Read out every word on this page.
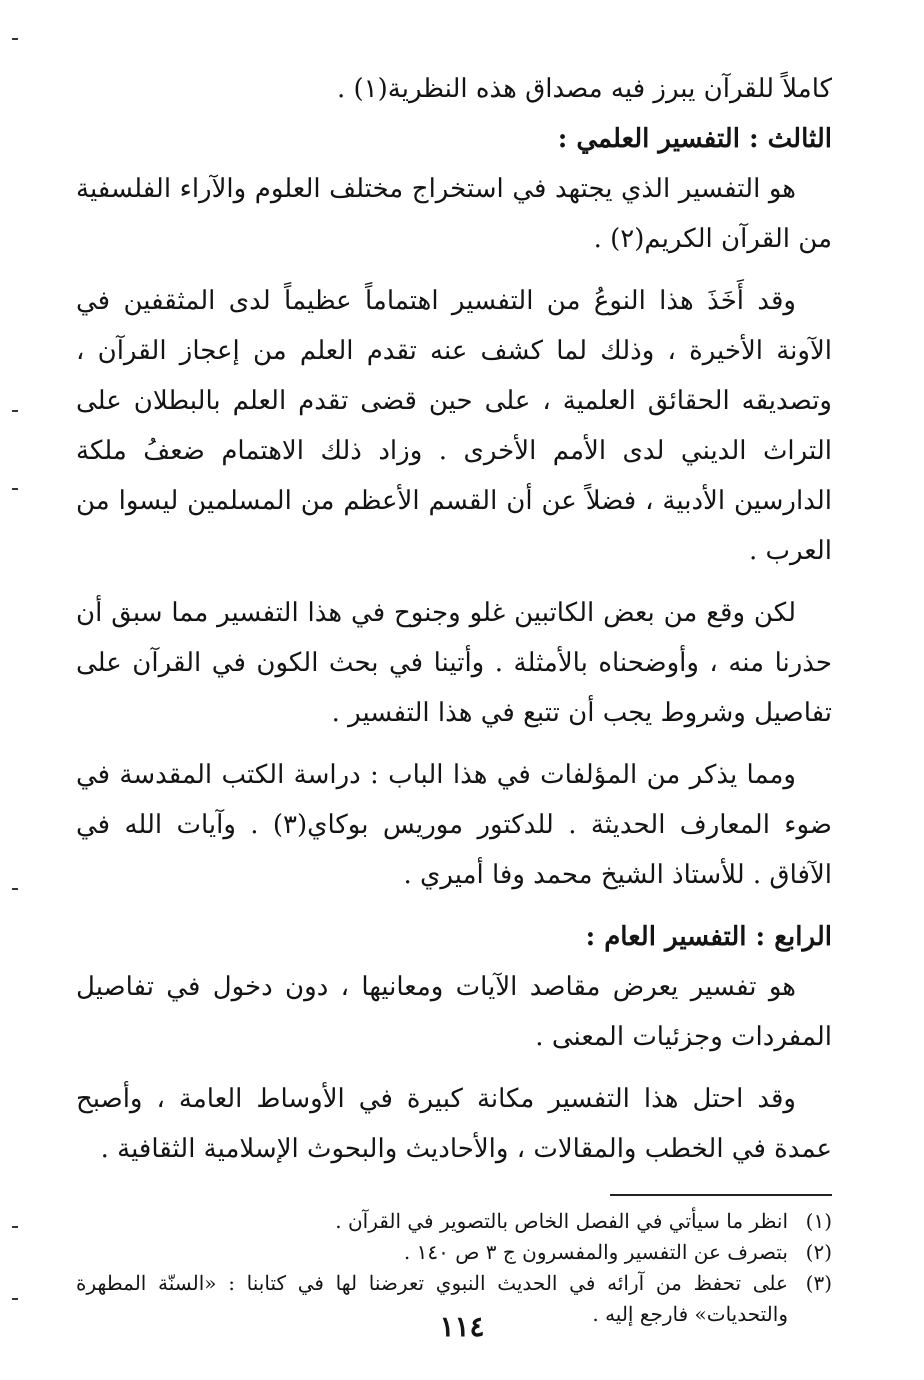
كاملاً للقرآن يبرز فيه مصداق هذه النظرية(١) .

الثالث : التفسير العلمي :

هو التفسير الذي يجتهد في استخراج مختلف العلوم والآراء الفلسفية من القرآن الكريم(٢) .

وقد أَخَذَ هذا النوعُ من التفسير اهتماماً عظيماً لدى المثقفين في الآونة الأخيرة ، وذلك لما كشف عنه تقدم العلم من إعجاز القرآن ، وتصديقه الحقائق العلمية ، على حين قضى تقدم العلم بالبطلان على التراث الديني لدى الأمم الأخرى . وزاد ذلك الاهتمام ضعفُ ملكة الدارسين الأدبية ، فضلاً عن أن القسم الأعظم من المسلمين ليسوا من العرب .

لكن وقع من بعض الكاتبين غلو وجنوح في هذا التفسير مما سبق أن حذرنا منه ، وأوضحناه بالأمثلة . وأتينا في بحث الكون في القرآن على تفاصيل وشروط يجب أن تتبع في هذا التفسير .

ومما يذكر من المؤلفات في هذا الباب : دراسة الكتب المقدسة في ضوء المعارف الحديثة . للدكتور موريس بوكاي(٣) . وآيات الله في الآفاق . للأستاذ الشيخ محمد وفا أميري .

الرابع : التفسير العام :

هو تفسير يعرض مقاصد الآيات ومعانيها ، دون دخول في تفاصيل المفردات وجزئيات المعنى .

وقد احتل هذا التفسير مكانة كبيرة في الأوساط العامة ، وأصبح عمدة في الخطب والمقالات ، والأحاديث والبحوث الإسلامية الثقافية .

(١)
انظر ما سيأتي في الفصل الخاص بالتصوير في القرآن .
(٢)
بتصرف عن التفسير والمفسرون ج ٣ ص ١٤٠ .
(٣)
على تحفظ من آرائه في الحديث النبوي تعرضنا لها في كتابنا : «السنّة المطهرة والتحديات» فارجع إليه .
١١٤
